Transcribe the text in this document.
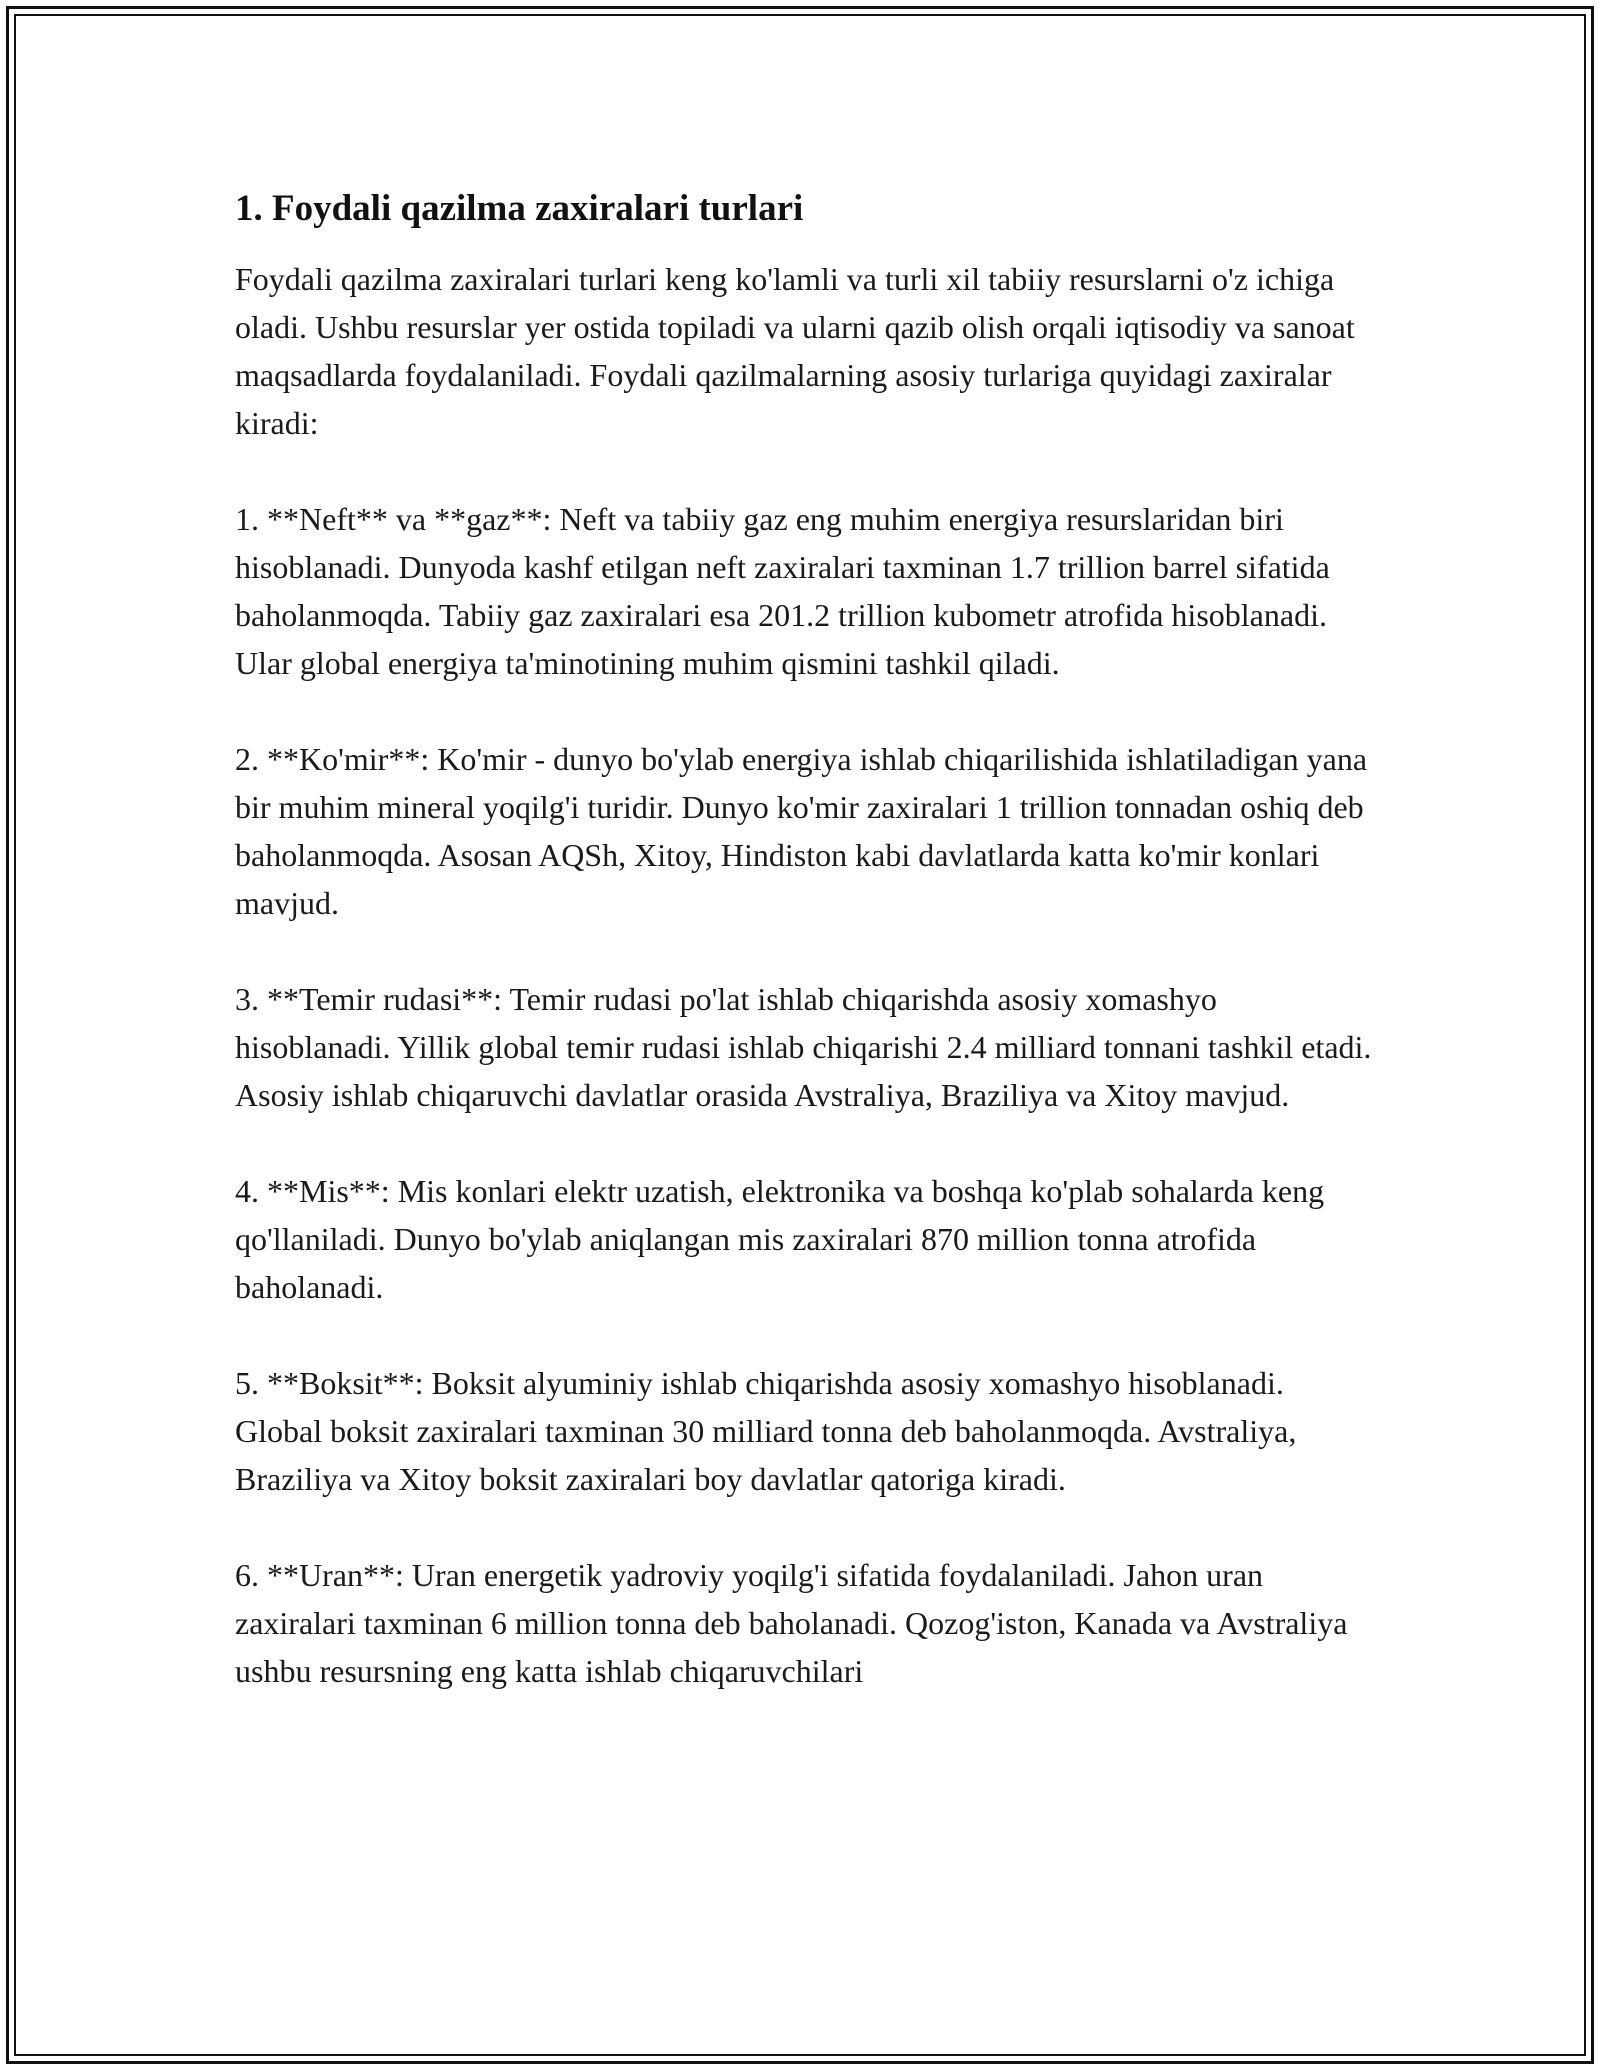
1. Foydali qazilma zaxiralari turlari

Foydali qazilma zaxiralari turlari keng ko'lamli va turli xil tabiiy resurslarni o'z ichiga oladi. Ushbu resurslar yer ostida topiladi va ularni qazib olish orqali iqtisodiy va sanoat maqsadlarda foydalaniladi. Foydali qazilmalarning asosiy turlariga quyidagi zaxiralar kiradi:

1. **Neft** va **gaz**: Neft va tabiiy gaz eng muhim energiya resurslaridan biri hisoblanadi. Dunyoda kashf etilgan neft zaxiralari taxminan 1.7 trillion barrel sifatida baholanmoqda. Tabiiy gaz zaxiralari esa 201.2 trillion kubometr atrofida hisoblanadi. Ular global energiya ta'minotining muhim qismini tashkil qiladi.

2. **Ko'mir**: Ko'mir - dunyo bo'ylab energiya ishlab chiqarilishida ishlatiladigan yana bir muhim mineral yoqilg'i turidir. Dunyo ko'mir zaxiralari 1 trillion tonnadan oshiq deb baholanmoqda. Asosan AQSh, Xitoy, Hindiston kabi davlatlarda katta ko'mir konlari mavjud.

3. **Temir rudasi**: Temir rudasi po'lat ishlab chiqarishda asosiy xomashyo hisoblanadi. Yillik global temir rudasi ishlab chiqarishi 2.4 milliard tonnani tashkil etadi. Asosiy ishlab chiqaruvchi davlatlar orasida Avstraliya, Braziliya va Xitoy mavjud.

4. **Mis**: Mis konlari elektr uzatish, elektronika va boshqa ko'plab sohalarda keng qo'llaniladi. Dunyo bo'ylab aniqlangan mis zaxiralari 870 million tonna atrofida baholanadi.

5. **Boksit**: Boksit alyuminiy ishlab chiqarishda asosiy xomashyo hisoblanadi. Global boksit zaxiralari taxminan 30 milliard tonna deb baholanmoqda. Avstraliya, Braziliya va Xitoy boksit zaxiralari boy davlatlar qatoriga kiradi.

6. **Uran**: Uran energetik yadroviy yoqilg'i sifatida foydalaniladi. Jahon uran zaxiralari taxminan 6 million tonna deb baholanadi. Qozog'iston, Kanada va Avstraliya ushbu resursning eng katta ishlab chiqaruvchilari
